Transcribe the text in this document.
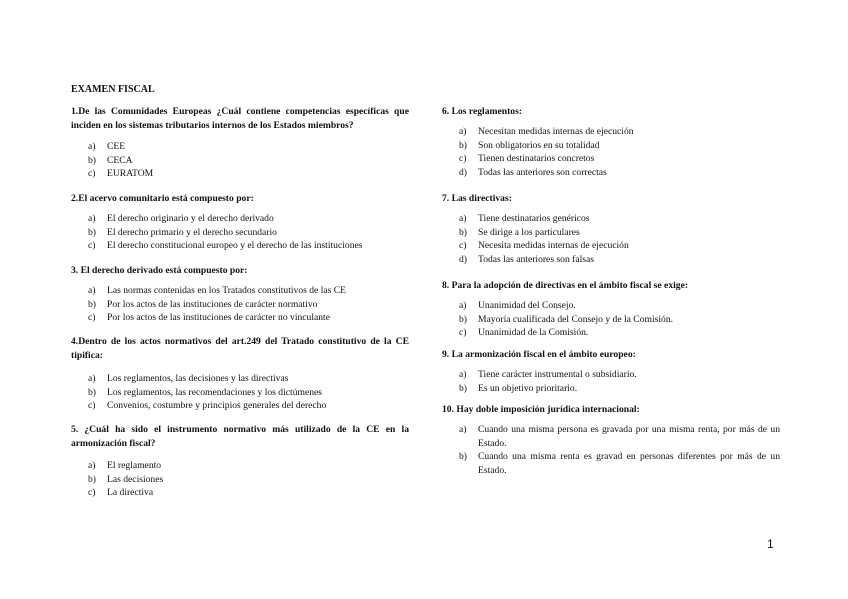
EXAMEN FISCAL

1.De las Comunidades Europeas ¿Cuál contiene competencias específicas que inciden en los sistemas tributarios internos de los Estados miembros?

a)	CEE
b)	CECA
c)	EURATOM

2.El acervo comunitario está compuesto por:

a)	El derecho originario y el derecho derivado
b)	El derecho primario y el derecho secundario
c)	El derecho constitucional europeo y el derecho de las instituciones

3. El derecho derivado está compuesto por:

a)	Las normas contenidas en los Tratados constitutivos de las CE
b)	Por los actos de las instituciones de carácter normativo
c)	Por los actos de las instituciones de carácter no vinculante

4.Dentro de los actos normativos del art.249 del Tratado constitutivo de la CE tipifica:

a)	Los reglamentos, las decisiones y las directivas
b)	Los reglamentos, las recomendaciones y los dictúmenes
c)	Convenios, costumbre y principios generales del derecho

5. ¿Cuál ha sido el instrumento normativo más utilizado de la CE en la armonización fiscal?

a)	El reglamento
b)	Las decisiones
c)	La directiva

6. Los reglamentos:

a)	Necesitan medidas internas de ejecución
b)	Son obligatorios en su totalidad
c)	Tienen destinatarios concretos
d)	Todas las anteriores son correctas

7. Las directivas:

a)	Tiene destinatarios genéricos
b)	Se dirige a los particulares
c)	Necesita medidas internas de ejecución
d)	Todas las anteriores son falsas

8. Para la adopción de directivas en el ámbito fiscal se exige:

a)	Unanimidad del Consejo.
b)	Mayoría cualificada del Consejo y de la Comisión.
c)	Unanimidad de la Comisión.

9. La armonización fiscal en el ámbito europeo:

a)	Tiene carácter instrumental o subsidiario.
b)	Es un objetivo prioritario.

10. Hay doble imposición jurídica internacional:

a)	Cuando una misma persona es gravada por una misma renta, por más de un Estado.
b)	Cuando una misma renta es gravad en personas diferentes por más de un Estado.
1
